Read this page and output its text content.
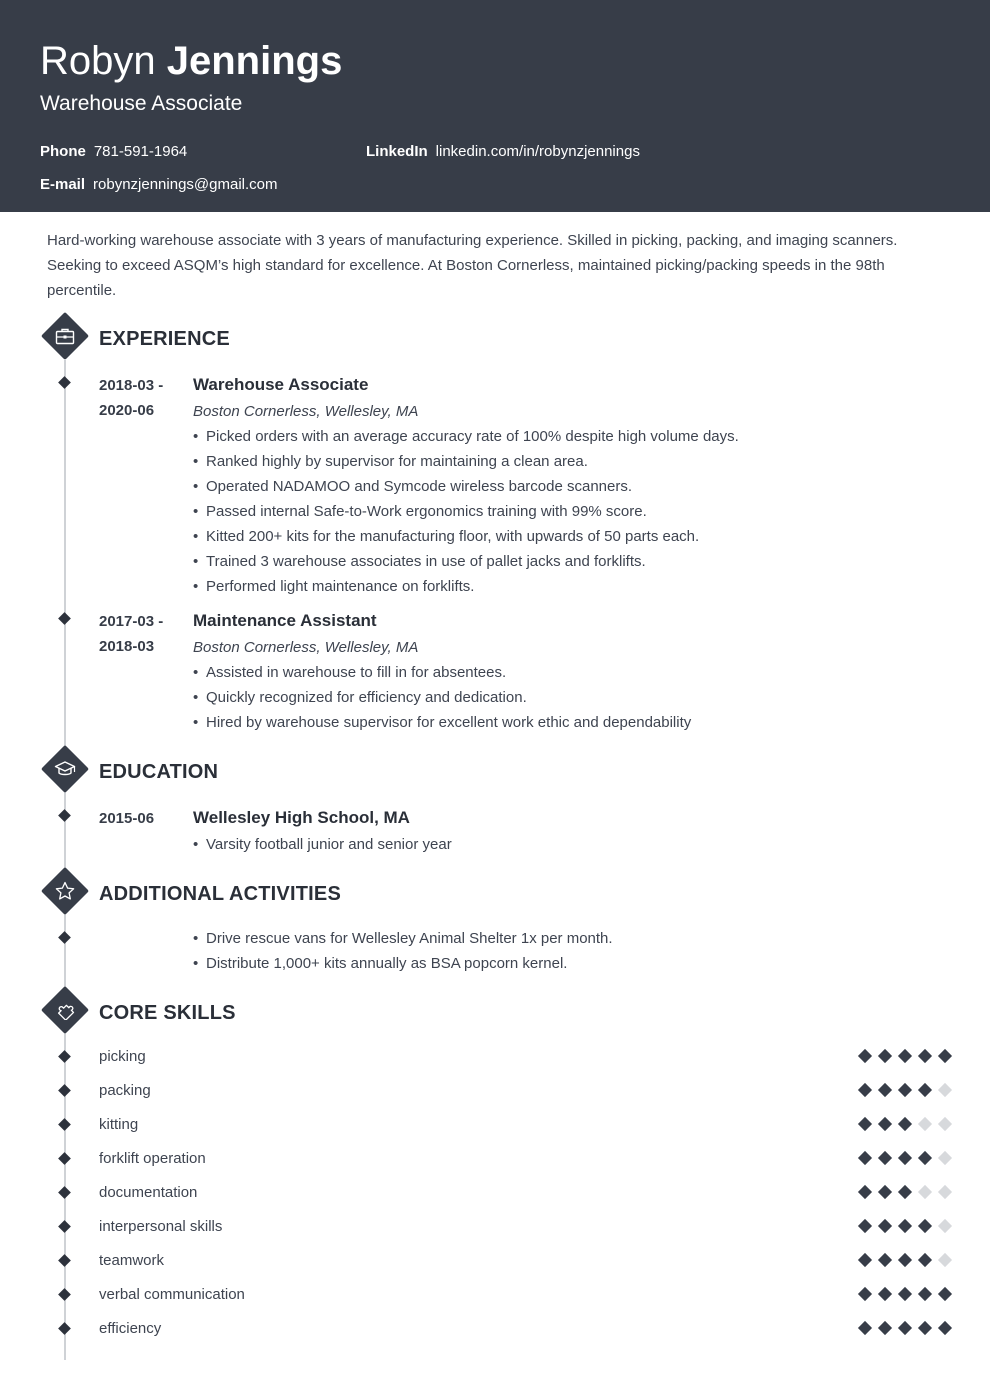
Robyn Jennings
Warehouse Associate
Phone 781-591-1964	LinkedIn linkedin.com/in/robynzjennings
E-mail robynzjennings@gmail.com
Hard-working warehouse associate with 3 years of manufacturing experience. Skilled in picking, packing, and imaging scanners. Seeking to exceed ASQM’s high standard for excellence. At Boston Cornerless, maintained picking/packing speeds in the 98th percentile.
EXPERIENCE
2018-03 -
2020-06
Warehouse Associate
Boston Cornerless, Wellesley, MA
• Picked orders with an average accuracy rate of 100% despite high volume days.
• Ranked highly by supervisor for maintaining a clean area.
• Operated NADAMOO and Symcode wireless barcode scanners.
• Passed internal Safe-to-Work ergonomics training with 99% score.
• Kitted 200+ kits for the manufacturing floor, with upwards of 50 parts each.
• Trained 3 warehouse associates in use of pallet jacks and forklifts.
• Performed light maintenance on forklifts.
2017-03 -
2018-03
Maintenance Assistant
Boston Cornerless, Wellesley, MA
• Assisted in warehouse to fill in for absentees.
• Quickly recognized for efficiency and dedication.
• Hired by warehouse supervisor for excellent work ethic and dependability
EDUCATION
2015-06 Wellesley High School, MA
• Varsity football junior and senior year
ADDITIONAL ACTIVITIES
• Drive rescue vans for Wellesley Animal Shelter 1x per month.
• Distribute 1,000+ kits annually as BSA popcorn kernel.
CORE SKILLS
picking
packing
kitting
forklift operation
documentation
interpersonal skills
teamwork
verbal communication
efficiency
